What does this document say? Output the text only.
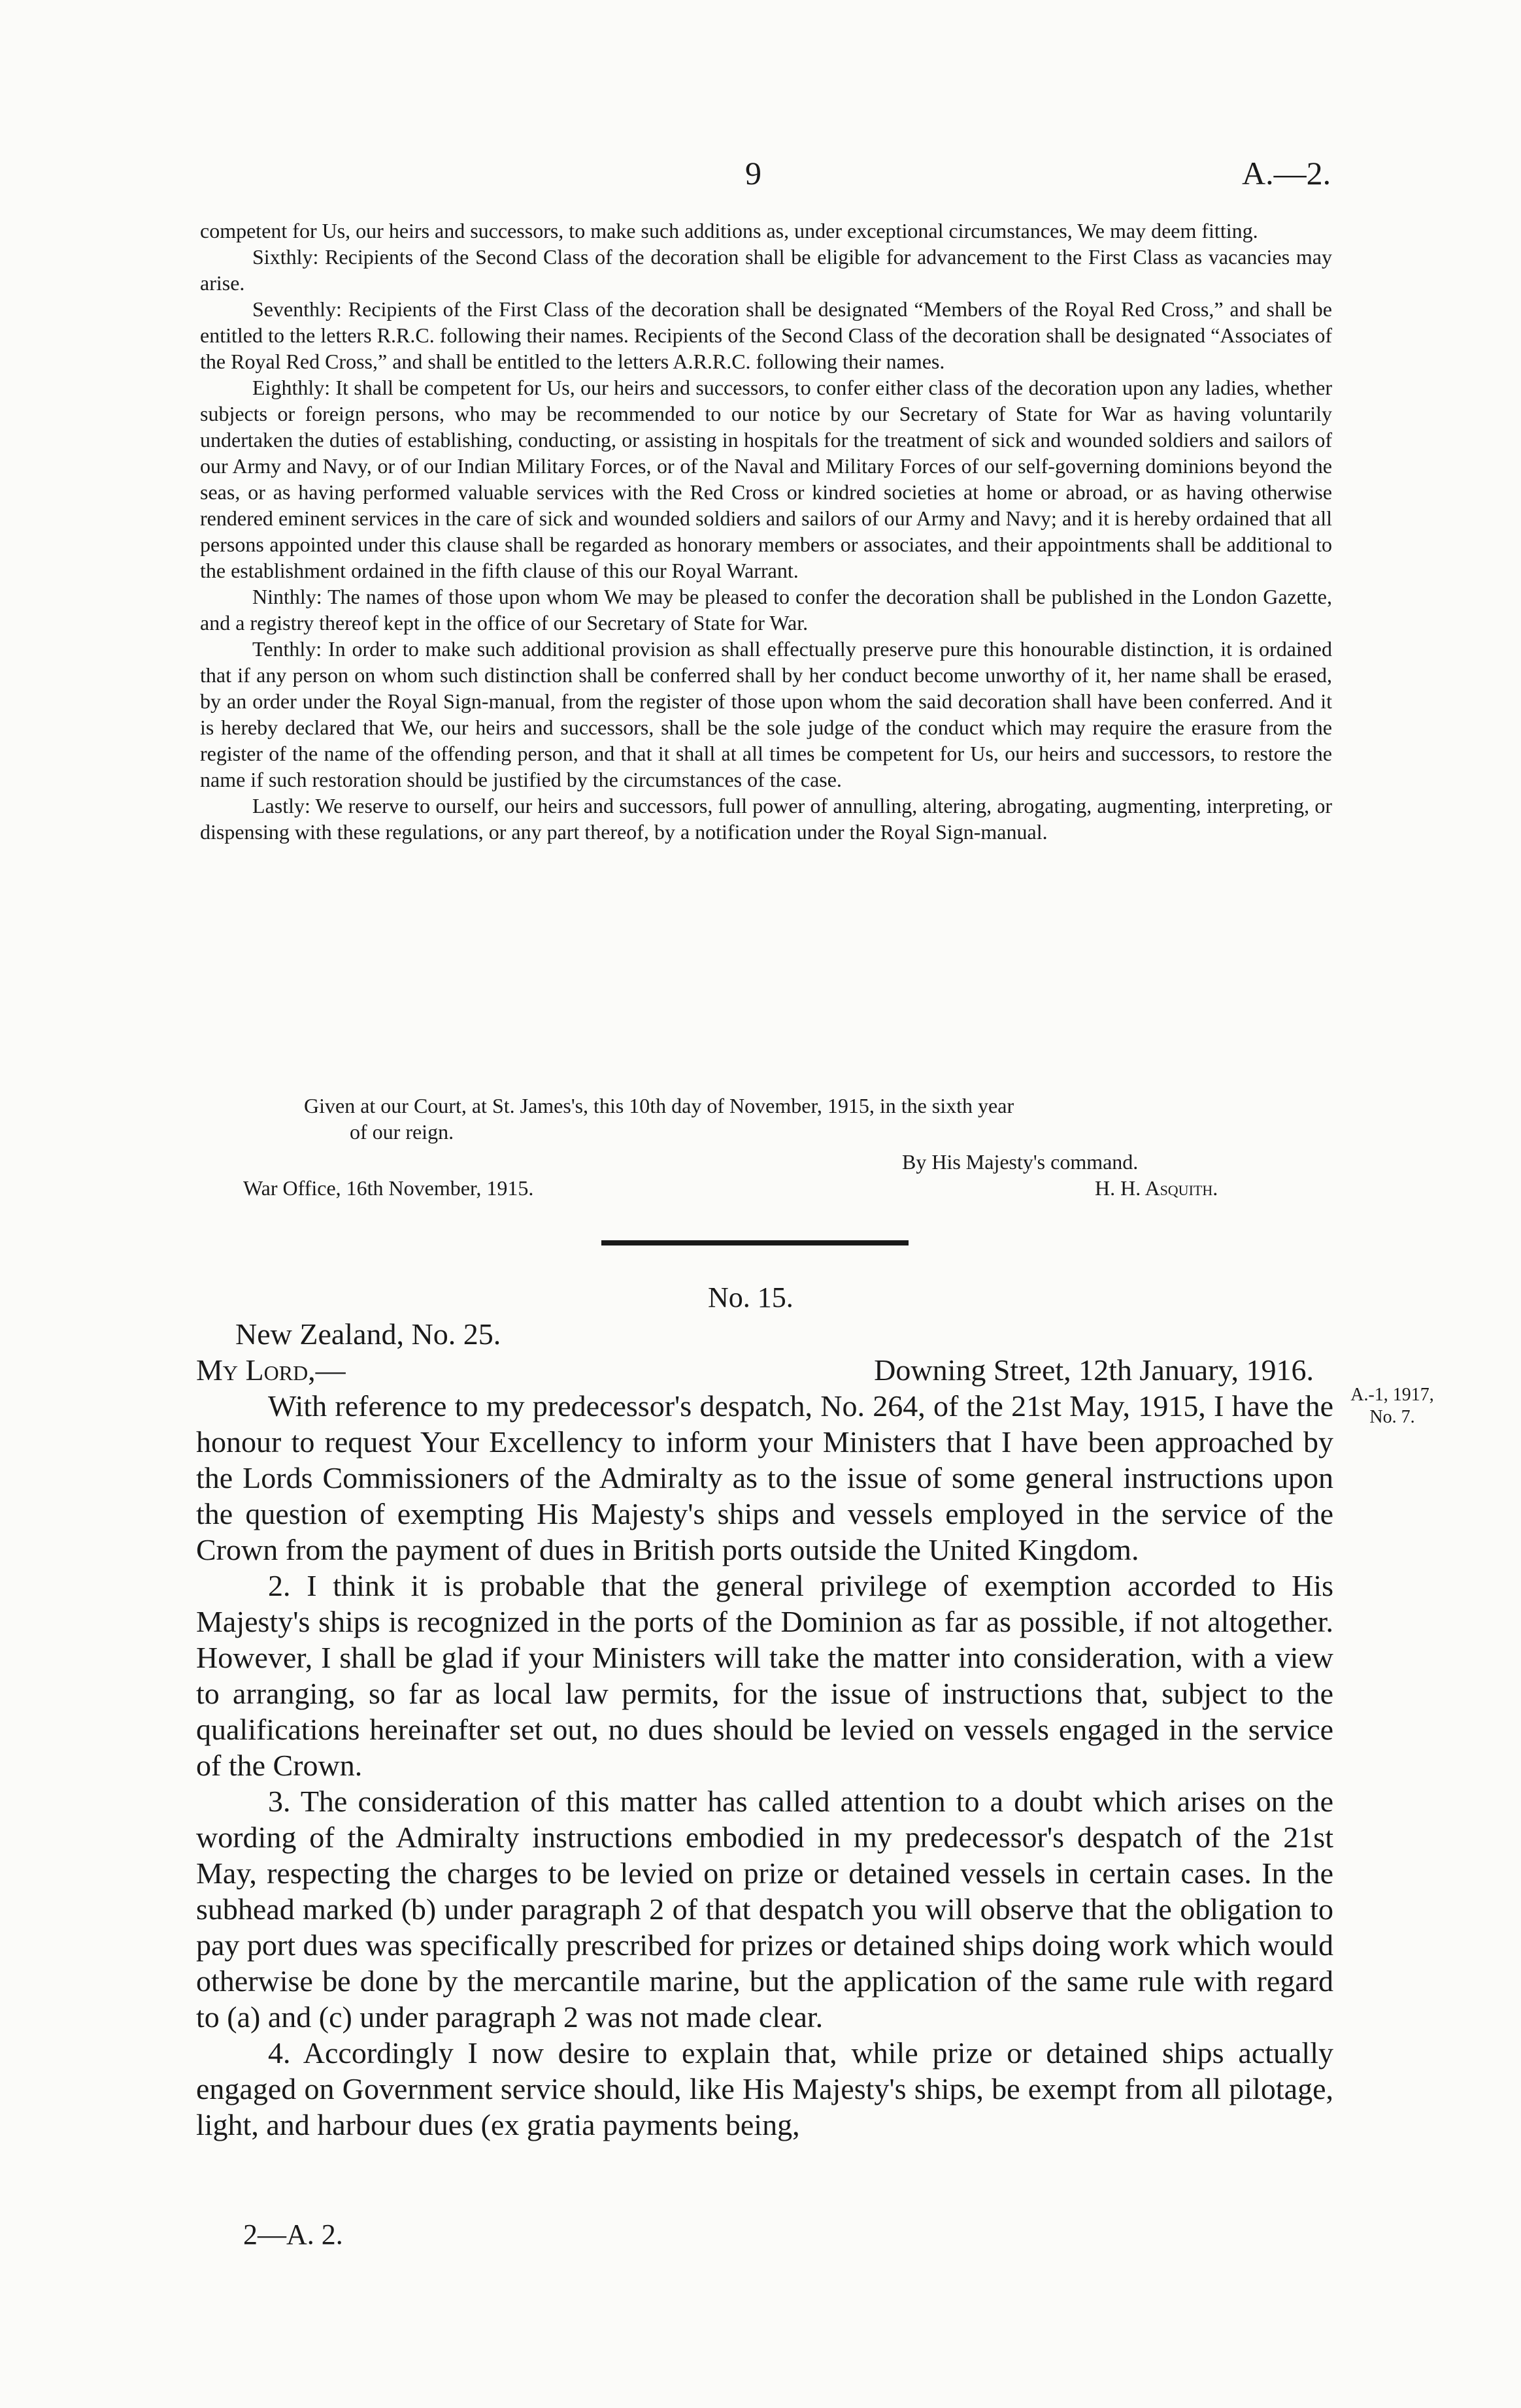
9	A.—2.

competent for Us, our heirs and successors, to make such additions as, under exceptional circumstances, We may deem fitting.

Sixthly: Recipients of the Second Class of the decoration shall be eligible for advancement to the First Class as vacancies may arise.

Seventhly: Recipients of the First Class of the decoration shall be designated “Members of the Royal Red Cross,” and shall be entitled to the letters R.R.C. following their names. Recipients of the Second Class of the decoration shall be designated “Associates of the Royal Red Cross,” and shall be entitled to the letters A.R.R.C. following their names.

Eighthly: It shall be competent for Us, our heirs and successors, to confer either class of the decoration upon any ladies, whether subjects or foreign persons, who may be recommended to our notice by our Secretary of State for War as having voluntarily undertaken the duties of establishing, conducting, or assisting in hospitals for the treatment of sick and wounded soldiers and sailors of our Army and Navy, or of our Indian Military Forces, or of the Naval and Military Forces of our self-governing dominions beyond the seas, or as having performed valuable services with the Red Cross or kindred societies at home or abroad, or as having otherwise rendered eminent services in the care of sick and wounded soldiers and sailors of our Army and Navy; and it is hereby ordained that all persons appointed under this clause shall be regarded as honorary members or associates, and their appointments shall be additional to the establishment ordained in the fifth clause of this our Royal Warrant.

Ninthly: The names of those upon whom We may be pleased to confer the decoration shall be published in the London Gazette, and a registry thereof kept in the office of our Secretary of State for War.

Tenthly: In order to make such additional provision as shall effectually preserve pure this honourable distinction, it is ordained that if any person on whom such distinction shall be conferred shall by her conduct become unworthy of it, her name shall be erased, by an order under the Royal Sign-manual, from the register of those upon whom the said decoration shall have been conferred. And it is hereby declared that We, our heirs and successors, shall be the sole judge of the conduct which may require the erasure from the register of the name of the offending person, and that it shall at all times be competent for Us, our heirs and successors, to restore the name if such restoration should be justified by the circumstances of the case.

Lastly: We reserve to ourself, our heirs and successors, full power of annulling, altering, abrogating, augmenting, interpreting, or dispensing with these regulations, or any part thereof, by a notification under the Royal Sign-manual.

Given at our Court, at St. James's, this 10th day of November, 1915, in the sixth year
of our reign.
By His Majesty's command.
War Office, 16th November, 1915.	H. H. Asquith.
No. 15.
New Zealand, No. 25.
My Lord,—	Downing Street, 12th January, 1916.

With reference to my predecessor's despatch, No. 264, of the 21st May, 1915, I have the honour to request Your Excellency to inform your Ministers that I have been approached by the Lords Commissioners of the Admiralty as to the issue of some general instructions upon the question of exempting His Majesty's ships and vessels employed in the service of the Crown from the payment of dues in British ports outside the United Kingdom.

2. I think it is probable that the general privilege of exemption accorded to His Majesty's ships is recognized in the ports of the Dominion as far as possible, if not altogether. However, I shall be glad if your Ministers will take the matter into consideration, with a view to arranging, so far as local law permits, for the issue of instructions that, subject to the qualifications hereinafter set out, no dues should be levied on vessels engaged in the service of the Crown.

3. The consideration of this matter has called attention to a doubt which arises on the wording of the Admiralty instructions embodied in my predecessor's despatch of the 21st May, respecting the charges to be levied on prize or detained vessels in certain cases. In the subhead marked (b) under paragraph 2 of that despatch you will observe that the obligation to pay port dues was specifically prescribed for prizes or detained ships doing work which would otherwise be done by the mercantile marine, but the application of the same rule with regard to (a) and (c) under paragraph 2 was not made clear.

4. Accordingly I now desire to explain that, while prize or detained ships actually engaged on Government service should, like His Majesty's ships, be exempt from all pilotage, light, and harbour dues (ex gratia payments being,

A.-1, 1917,
No. 7.
2—A. 2.
